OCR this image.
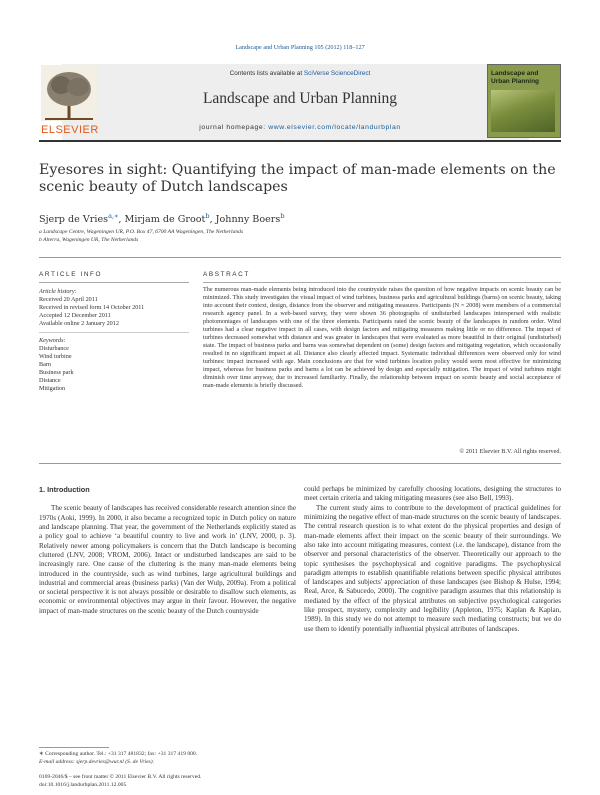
Landscape and Urban Planning 105 (2012) 118–127
ELSEVIER
Contents lists available at SciVerse ScienceDirect
Landscape and Urban Planning
journal homepage: www.elsevier.com/locate/landurbplan
Landscape and Urban Planning
Eyesores in sight: Quantifying the impact of man-made elements on the scenic beauty of Dutch landscapes
Sjerp de Vries$^{a,∗}$, Mirjam de Groot$^b$, Johnny Boers$^b$
a Landscape Centre, Wageningen UR, P.O. Box 47, 6700 AA Wageningen, The Netherlands
b Alterra, Wageningen UR, The Netherlands
ARTICLE INFO	ABSTRACT
Article history:
Received 20 April 2011
Received in revised form 14 October 2011
Accepted 12 December 2011
Available online 2 January 2012
Keywords:
Disturbance
Wind turbine
Barn
Business park
Distance
Mitigation

The numerous man-made elements being introduced into the countryside raises the question of how negative impacts on scenic beauty can be minimized. This study investigates the visual impact of wind turbines, business parks and agricultural buildings (barns) on scenic beauty, taking into account their context, design, distance from the observer and mitigating measures. Participants (N = 2008) were members of a commercial research agency panel. In a web-based survey, they were shown 36 photographs of undisturbed landscapes interspersed with realistic photomontages of landscapes with one of the three elements. Participants rated the scenic beauty of the landscapes in random order. Wind turbines had a clear negative impact in all cases, with design factors and mitigating measures making little or no difference. The impact of turbines decreased somewhat with distance and was greater in landscapes that were evaluated as more beautiful in their original (undisturbed) state. The impact of business parks and barns was somewhat dependent on (some) design factors and mitigating vegetation, which occasionally resulted in no significant impact at all. Distance also clearly affected impact. Systematic individual differences were observed only for wind turbines: impact increased with age. Main conclusions are that for wind turbines location policy would seem most effective for minimizing impact, whereas for business parks and barns a lot can be achieved by design and especially mitigation. The impact of wind turbines might diminish over time anyway, due to increased familiarity. Finally, the relationship between impact on scenic beauty and social acceptance of man-made elements is briefly discussed.

© 2011 Elsevier B.V. All rights reserved.
1. Introduction

The scenic beauty of landscapes has received considerable research attention since the 1970s (Aoki, 1999). In 2000, it also became a recognized topic in Dutch policy on nature and landscape planning. That year, the government of the Netherlands explicitly stated as a policy goal to achieve ‘a beautiful country to live and work in’ (LNV, 2000, p. 3). Relatively newer among policymakers is concern that the Dutch landscape is becoming cluttered (LNV, 2008; VROM, 2006). Intact or undisturbed landscapes are said to be increasingly rare. One cause of the cluttering is the many man-made elements being introduced in the countryside, such as wind turbines, large agricultural buildings and industrial and commercial areas (business parks) (Van der Wulp, 2009a). From a political or societal perspective it is not always possible or desirable to disallow such elements, as economic or environmental objectives may argue in their favour. However, the negative impact of man-made structures on the scenic beauty of the Dutch countryside

could perhaps be minimized by carefully choosing locations, designing the structures to meet certain criteria and taking mitigating measures (see also Bell, 1993).

The current study aims to contribute to the development of practical guidelines for minimizing the negative effect of man-made structures on the scenic beauty of landscapes. The central research question is to what extent do the physical properties and design of man-made elements affect their impact on the scenic beauty of their surroundings. We also take into account mitigating measures, context (i.e. the landscape), distance from the observer and personal characteristics of the observer. Theoretically our approach to the topic synthesises the psychophysical and cognitive paradigms. The psychophysical paradigm attempts to establish quantifiable relations between specific physical attributes of landscapes and subjects' appreciation of these landscapes (see Bishop & Hulse, 1994; Real, Arce, & Sabucedo, 2000). The cognitive paradigm assumes that this relationship is mediated by the effect of the physical attributes on subjective psychological categories like prospect, mystery, complexity and legibility (Appleton, 1975; Kaplan & Kaplan, 1989). In this study we do not attempt to measure such mediating constructs; but we do use them to identify potentially influential physical attributes of landscapes.

∗ Corresponding author. Tel.: +31 317 481832; fax: +31 317 419 000.
E-mail address: sjerp.devries@wur.nl (S. de Vries).
0169-2046/$ – see front matter © 2011 Elsevier B.V. All rights reserved.
doi:10.1016/j.landurbplan.2011.12.005
